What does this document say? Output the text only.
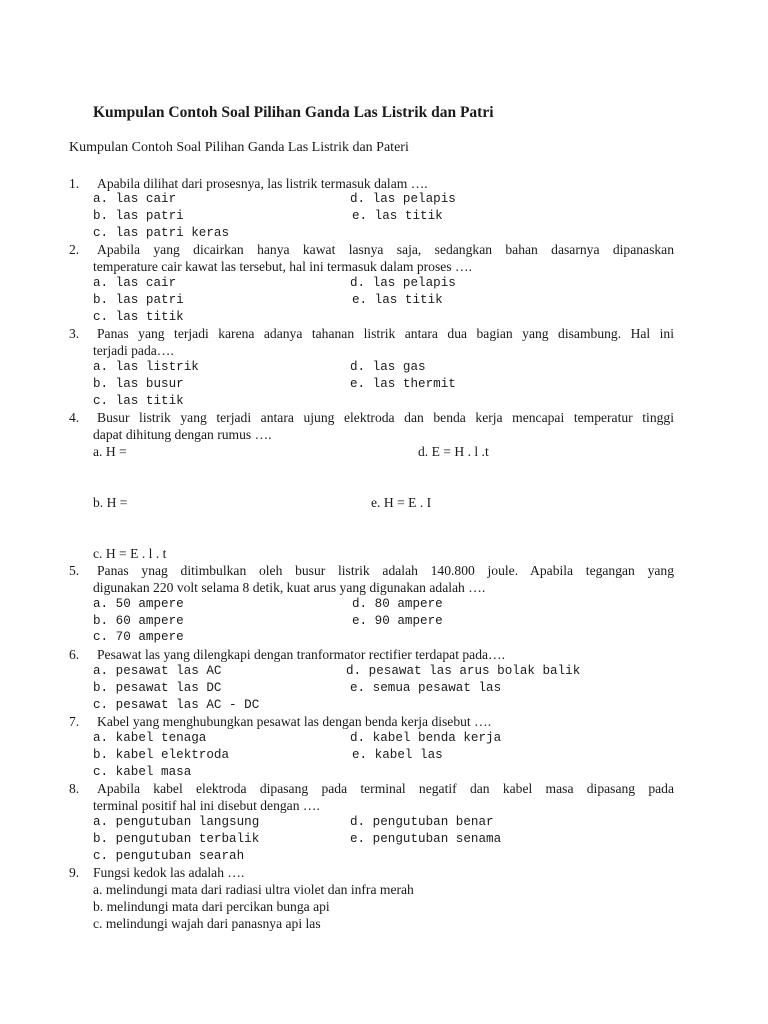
Kumpulan Contoh Soal Pilihan Ganda Las Listrik dan Patri
Kumpulan Contoh Soal Pilihan Ganda Las Listrik dan Pateri
1. Apabila dilihat dari prosesnya, las listrik termasuk dalam ….
a. las cair	d. las pelapis
b. las patri	e. las titik
c. las patri keras
2. Apabila yang dicairkan hanya kawat lasnya saja, sedangkan bahan dasarnya dipanaskan
temperature cair kawat las tersebut, hal ini termasuk dalam proses ….
a. las cair	d. las pelapis
b. las patri	e. las titik
c. las titik
3. Panas yang terjadi karena adanya tahanan listrik antara dua bagian yang disambung. Hal ini
terjadi pada….
a. las listrik	d. las gas
b. las busur	e. las thermit
c. las titik
4. Busur listrik yang terjadi antara ujung elektroda dan benda kerja mencapai temperatur tinggi
dapat dihitung dengan rumus ….
a. H =	d. E = H . l .t
b. H =	e. H = E . I
c. H = E . l . t
5. Panas ynag ditimbulkan oleh busur listrik adalah 140.800 joule. Apabila tegangan yang
digunakan 220 volt selama 8 detik, kuat arus yang digunakan adalah ….
a. 50 ampere	d. 80 ampere
b. 60 ampere	e. 90 ampere
c. 70 ampere
6. Pesawat las yang dilengkapi dengan tranformator rectifier terdapat pada….
a. pesawat las AC	d. pesawat las arus bolak balik
b. pesawat las DC	e. semua pesawat las
c. pesawat las AC - DC
7. Kabel yang menghubungkan pesawat las dengan benda kerja disebut ….
a. kabel tenaga	d. kabel benda kerja
b. kabel elektroda	e. kabel las
c. kabel masa
8. Apabila kabel elektroda dipasang pada terminal negatif dan kabel masa dipasang pada
terminal positif hal ini disebut dengan ….
a. pengutuban langsung	d. pengutuban benar
b. pengutuban terbalik	e. pengutuban senama
c. pengutuban searah
9. Fungsi kedok las adalah ….
a. melindungi mata dari radiasi ultra violet dan infra merah
b. melindungi mata dari percikan bunga api
c. melindungi wajah dari panasnya api las
